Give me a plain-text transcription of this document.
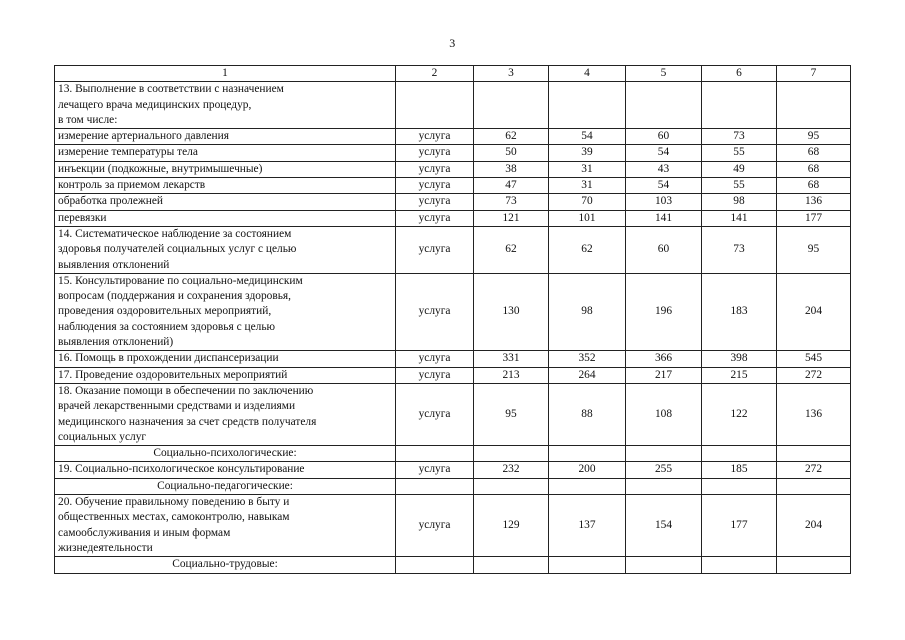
3
1	2	3	4	5	6	7

13. Выполнение в соответствии с назначением
лечащего врача медицинских процедур,
в том числе:						

измерение артериального давления	услуга	62	54	60	73	95

измерение температуры тела	услуга	50	39	54	55	68

инъекции (подкожные, внутримышечные)	услуга	38	31	43	49	68

контроль за приемом лекарств	услуга	47	31	54	55	68

обработка пролежней	услуга	73	70	103	98	136

перевязки	услуга	121	101	141	141	177

14. Систематическое наблюдение за состоянием
здоровья получателей социальных услуг с целью
выявления отклонений	услуга	62	62	60	73	95

15. Консультирование по социально-медицинским
вопросам (поддержания и сохранения здоровья,
проведения оздоровительных мероприятий,
наблюдения за состоянием здоровья с целью
выявления отклонений)	услуга	130	98	196	183	204

16. Помощь в прохождении диспансеризации	услуга	331	352	366	398	545

17. Проведение оздоровительных мероприятий	услуга	213	264	217	215	272

18. Оказание помощи в обеспечении по заключению
врачей лекарственными средствами и изделиями
медицинского назначения за счет средств получателя
социальных услуг	услуга	95	88	108	122	136

Социально-психологические:						

19. Социально-психологическое консультирование	услуга	232	200	255	185	272

Социально-педагогические:						

20. Обучение правильному поведению в быту и
общественных местах, самоконтролю, навыкам
самообслуживания и иным формам
жизнедеятельности	услуга	129	137	154	177	204

Социально-трудовые:						
